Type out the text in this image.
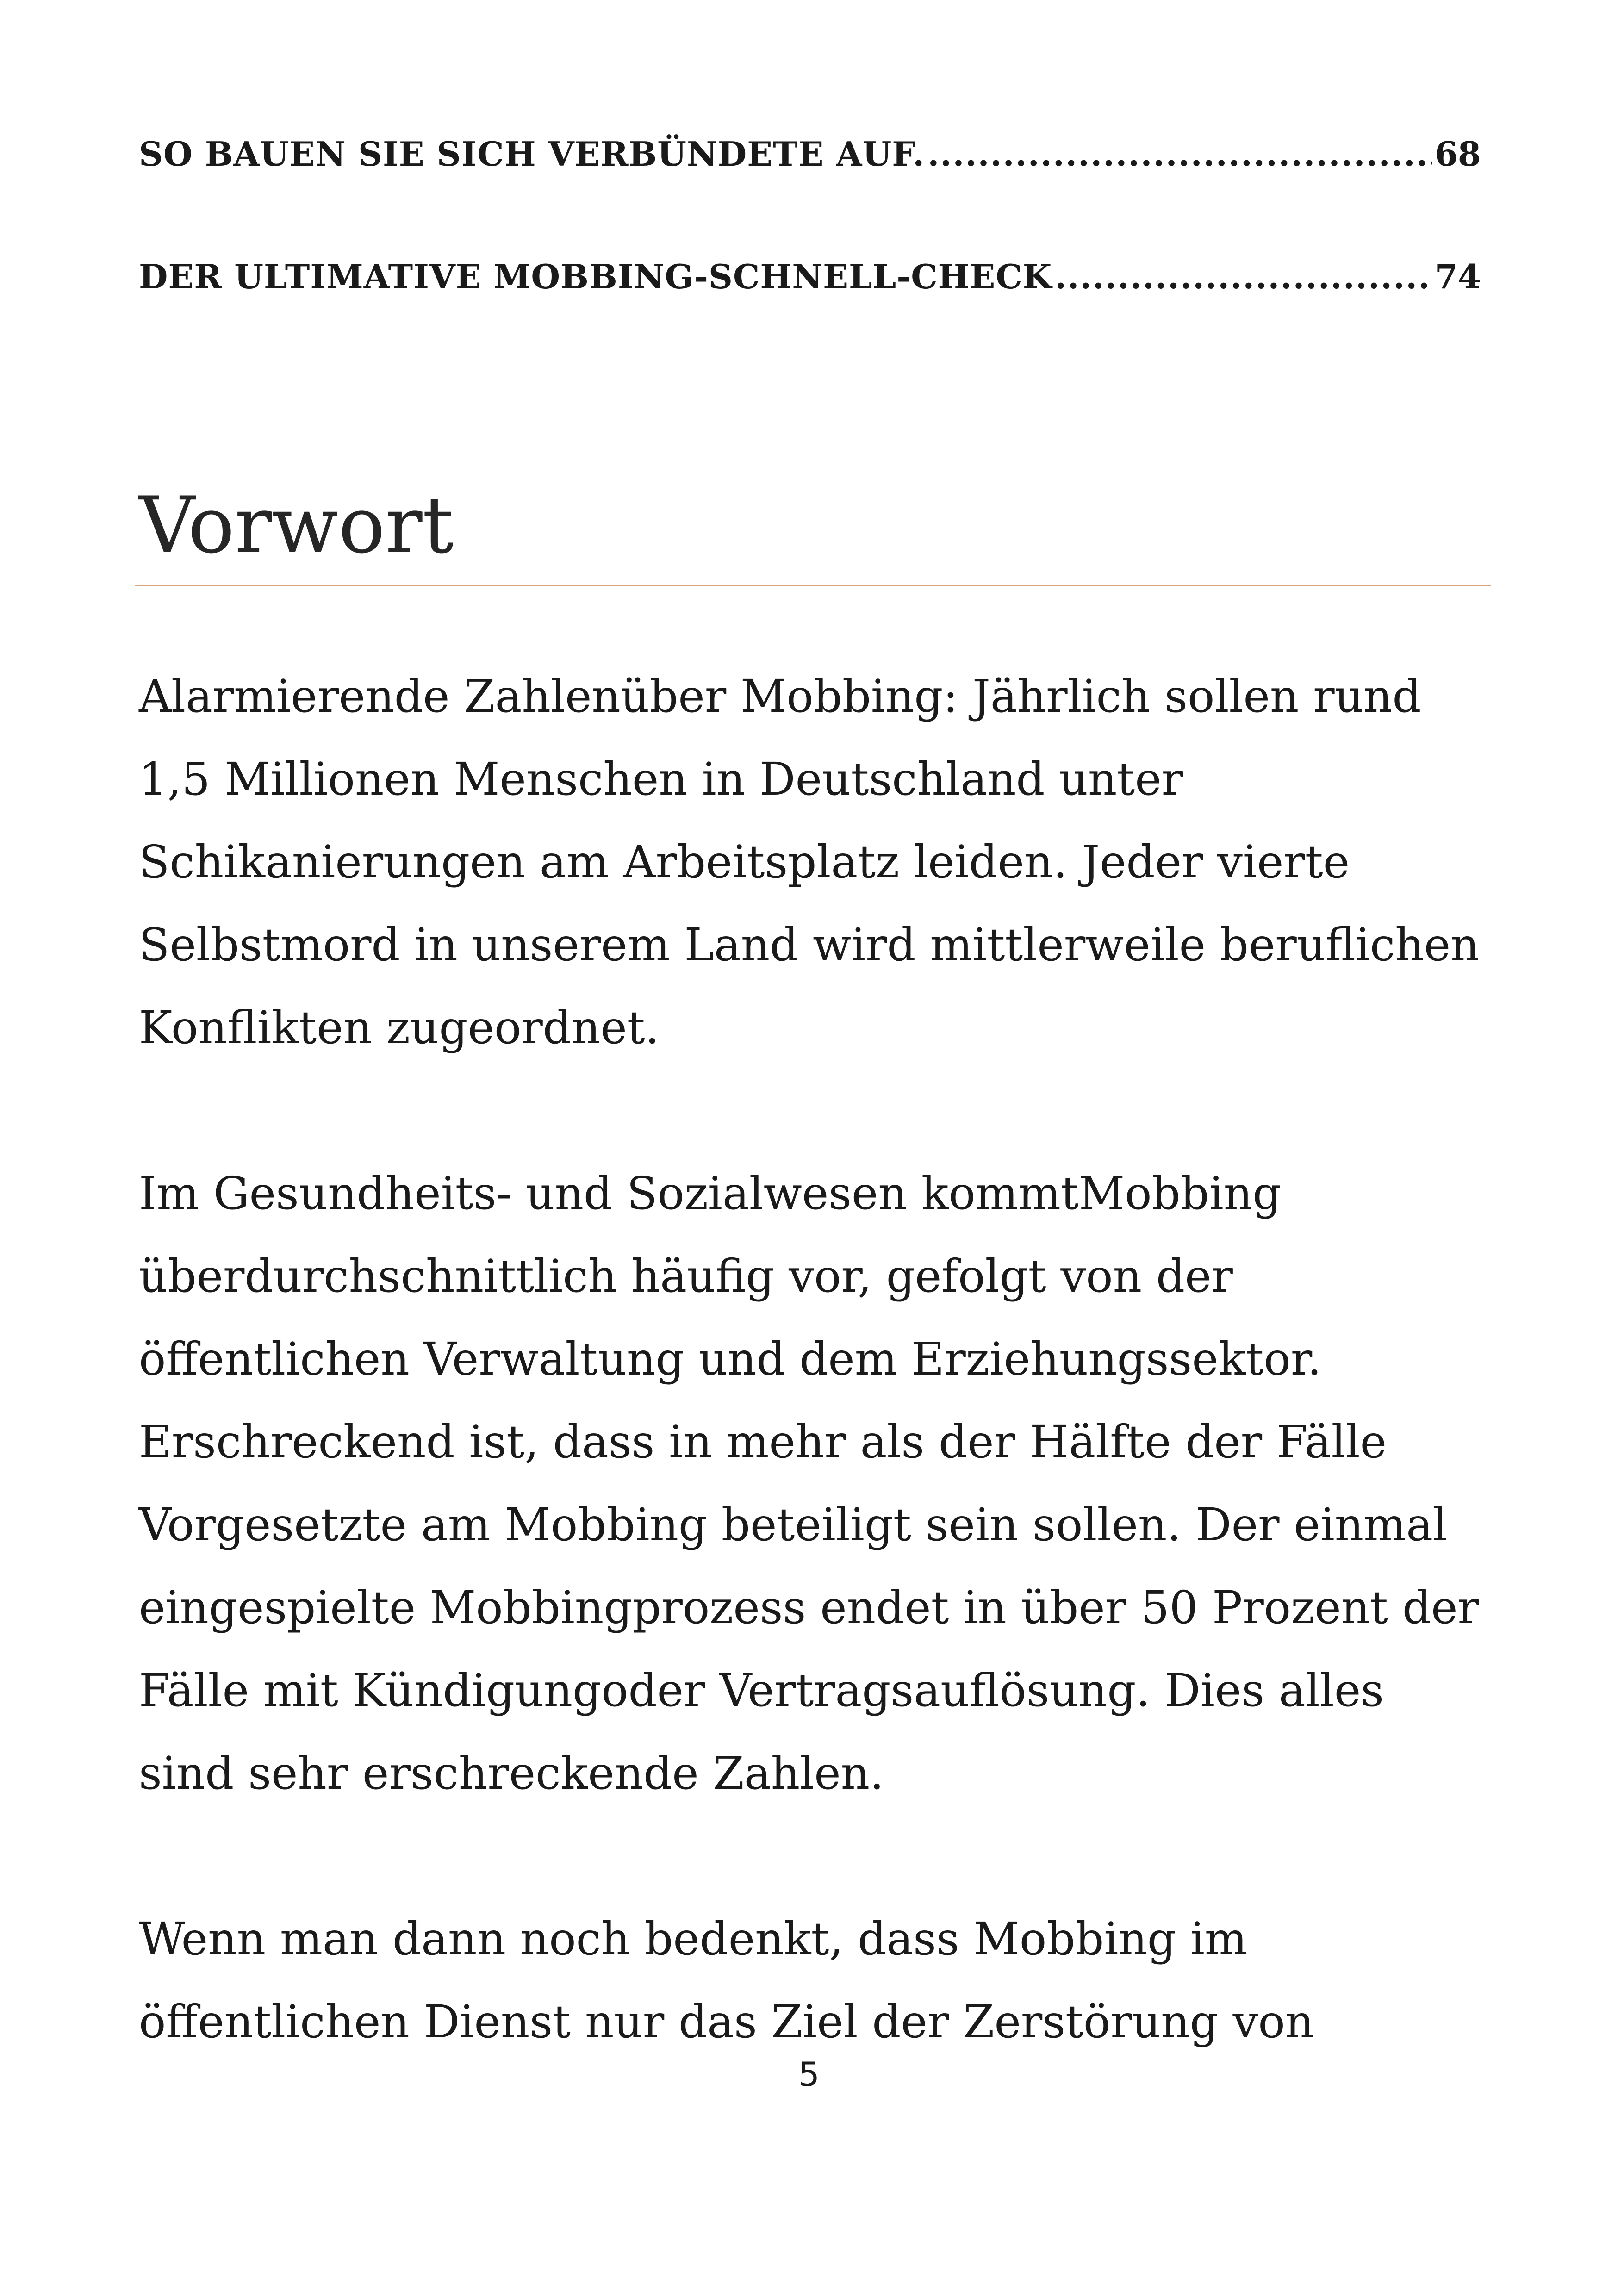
SO BAUEN SIE SICH VERBÜNDETE AUF. .....	68
DER ULTIMATIVE MOBBING-SCHNELL-CHECK .....	74
Vorwort

Alarmierende Zahlenüber Mobbing: Jährlich sollen rund
1,5 Millionen Menschen in Deutschland unter
Schikanierungen am Arbeitsplatz leiden. Jeder vierte
Selbstmord in unserem Land wird mittlerweile beruflichen
Konflikten zugeordnet.

Im Gesundheits- und Sozialwesen kommtMobbing
überdurchschnittlich häufig vor, gefolgt von der
öffentlichen Verwaltung und dem Erziehungssektor.
Erschreckend ist, dass in mehr als der Hälfte der Fälle
Vorgesetzte am Mobbing beteiligt sein sollen. Der einmal
eingespielte Mobbingprozess endet in über 50 Prozent der
Fälle mit Kündigungoder Vertragsauflösung. Dies alles
sind sehr erschreckende Zahlen.

Wenn man dann noch bedenkt, dass Mobbing im
öffentlichen Dienst nur das Ziel der Zerstörung von

5
